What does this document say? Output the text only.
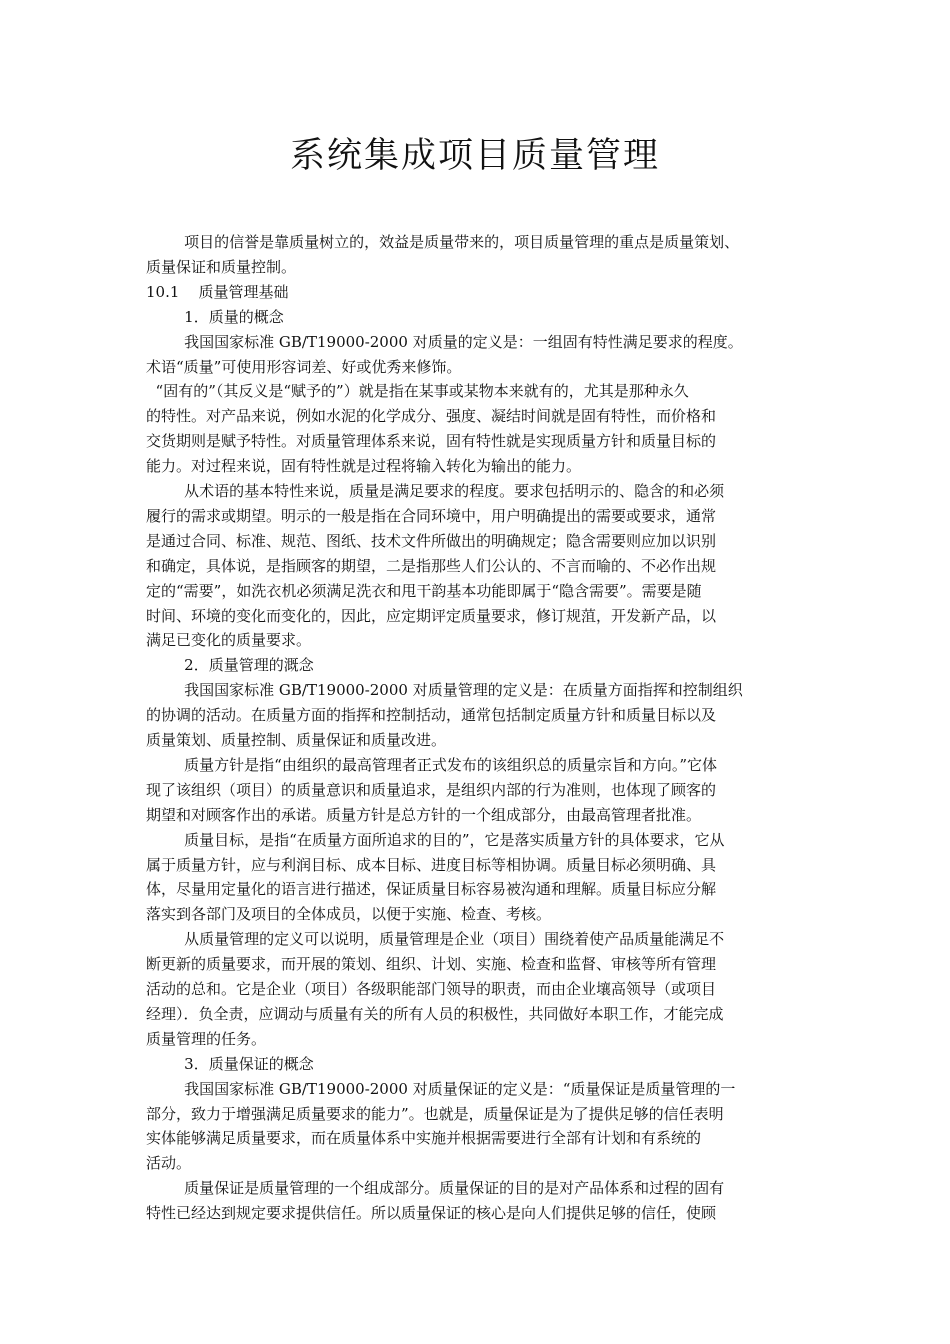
系统集成项目质量管理
项目的信誉是靠质量树立的，效益是质量带来的，项目质量管理的重点是质量策划、
质量保证和质量控制。
10.1    质量管理基础
1．质量的概念
我国国家标准 GB/T19000-2000 对质量的定义是：一组固有特性满足要求的程度。
术语“质量”可使用形容词差、好或优秀来修饰。
“固有的”（其反义是“赋予的”）就是指在某事或某物本来就有的，尤其是那种永久
的特性。对产品来说，例如水泥的化学成分、强度、凝结时间就是固有特性，而价格和
交货期则是赋予特性。对质量管理体系来说，固有特性就是实现质量方针和质量目标的
能力。对过程来说，固有特性就是过程将输入转化为输出的能力。
从术语的基本特性来说，质量是满足要求的程度。要求包括明示的、隐含的和必须
履行的需求或期望。明示的一般是指在合同环境中，用户明确提出的需要或要求，通常
是通过合同、标准、规范、图纸、技术文件所做出的明确规定；隐含需要则应加以识别
和确定，具体说，是指顾客的期望，二是指那些人们公认的、不言而喻的、不必作出规
定的“需要”，如洗衣机必须满足洗衣和甩干韵基本功能即属于“隐含需要”。需要是随
时间、环境的变化而变化的，因此，应定期评定质量要求，修订规菹，开发新产品，以
满足已变化的质量要求。
2．质量管理的溉念
我国国家标准 GB/T19000-2000 对质量管理的定义是：在质量方面指挥和控制组织
的协调的活动。在质量方面的指挥和控制括动，通常包括制定质量方针和质量目标以及
质量策划、质量控制、质量保证和质量改进。
质量方针是指“由组织的最高管理者正式发布的该组织总的质量宗旨和方向。”它体
现了该组织（项目）的质量意识和质量追求，是组织内部的行为准则，也体现了顾客的
期望和对顾客作出的承诺。质量方针是总方针的一个组成部分，由最高管理者批准。
质量目标，是指“在质量方面所追求的目的”，它是落实质量方针的具体要求，它从
属于质量方针，应与利润目标、成本目标、进度目标等相协调。质量目标必须明确、具
体，尽量用定量化的语言进行描述，保证质量目标容易被沟通和理解。质量目标应分解
落实到各部门及项目的全体成员，以便于实施、检查、考核。
从质量管理的定义可以说明，质量管理是企业（项目）围绕着使产品质量能满足不
断更新的质量要求，而开展的策划、组织、计划、实施、检查和监督、审核等所有管理
活动的总和。它是企业（项目）各级职能部门领导的职责，而由企业壤高领导（或项目
经理）．负全责，应调动与质量有关的所有人员的积极性，共同做好本职工作，才能完成
质量管理的任务。
3．质量保证的概念
我国国家标准 GB/T19000-2000 对质量保证的定义是：“质量保证是质量管理的一
部分，致力于增强满足质量要求的能力”。也就是，质量保证是为了提供足够的信任表明
实体能够满足质量要求，而在质量体系中实施并根据需要进行全部有计划和有系统的
活动。
质量保证是质量管理的一个组成部分。质量保证的目的是对产品体系和过程的固有
特性已经达到规定要求提供信任。所以质量保证的核心是向人们提供足够的信任，使顾
